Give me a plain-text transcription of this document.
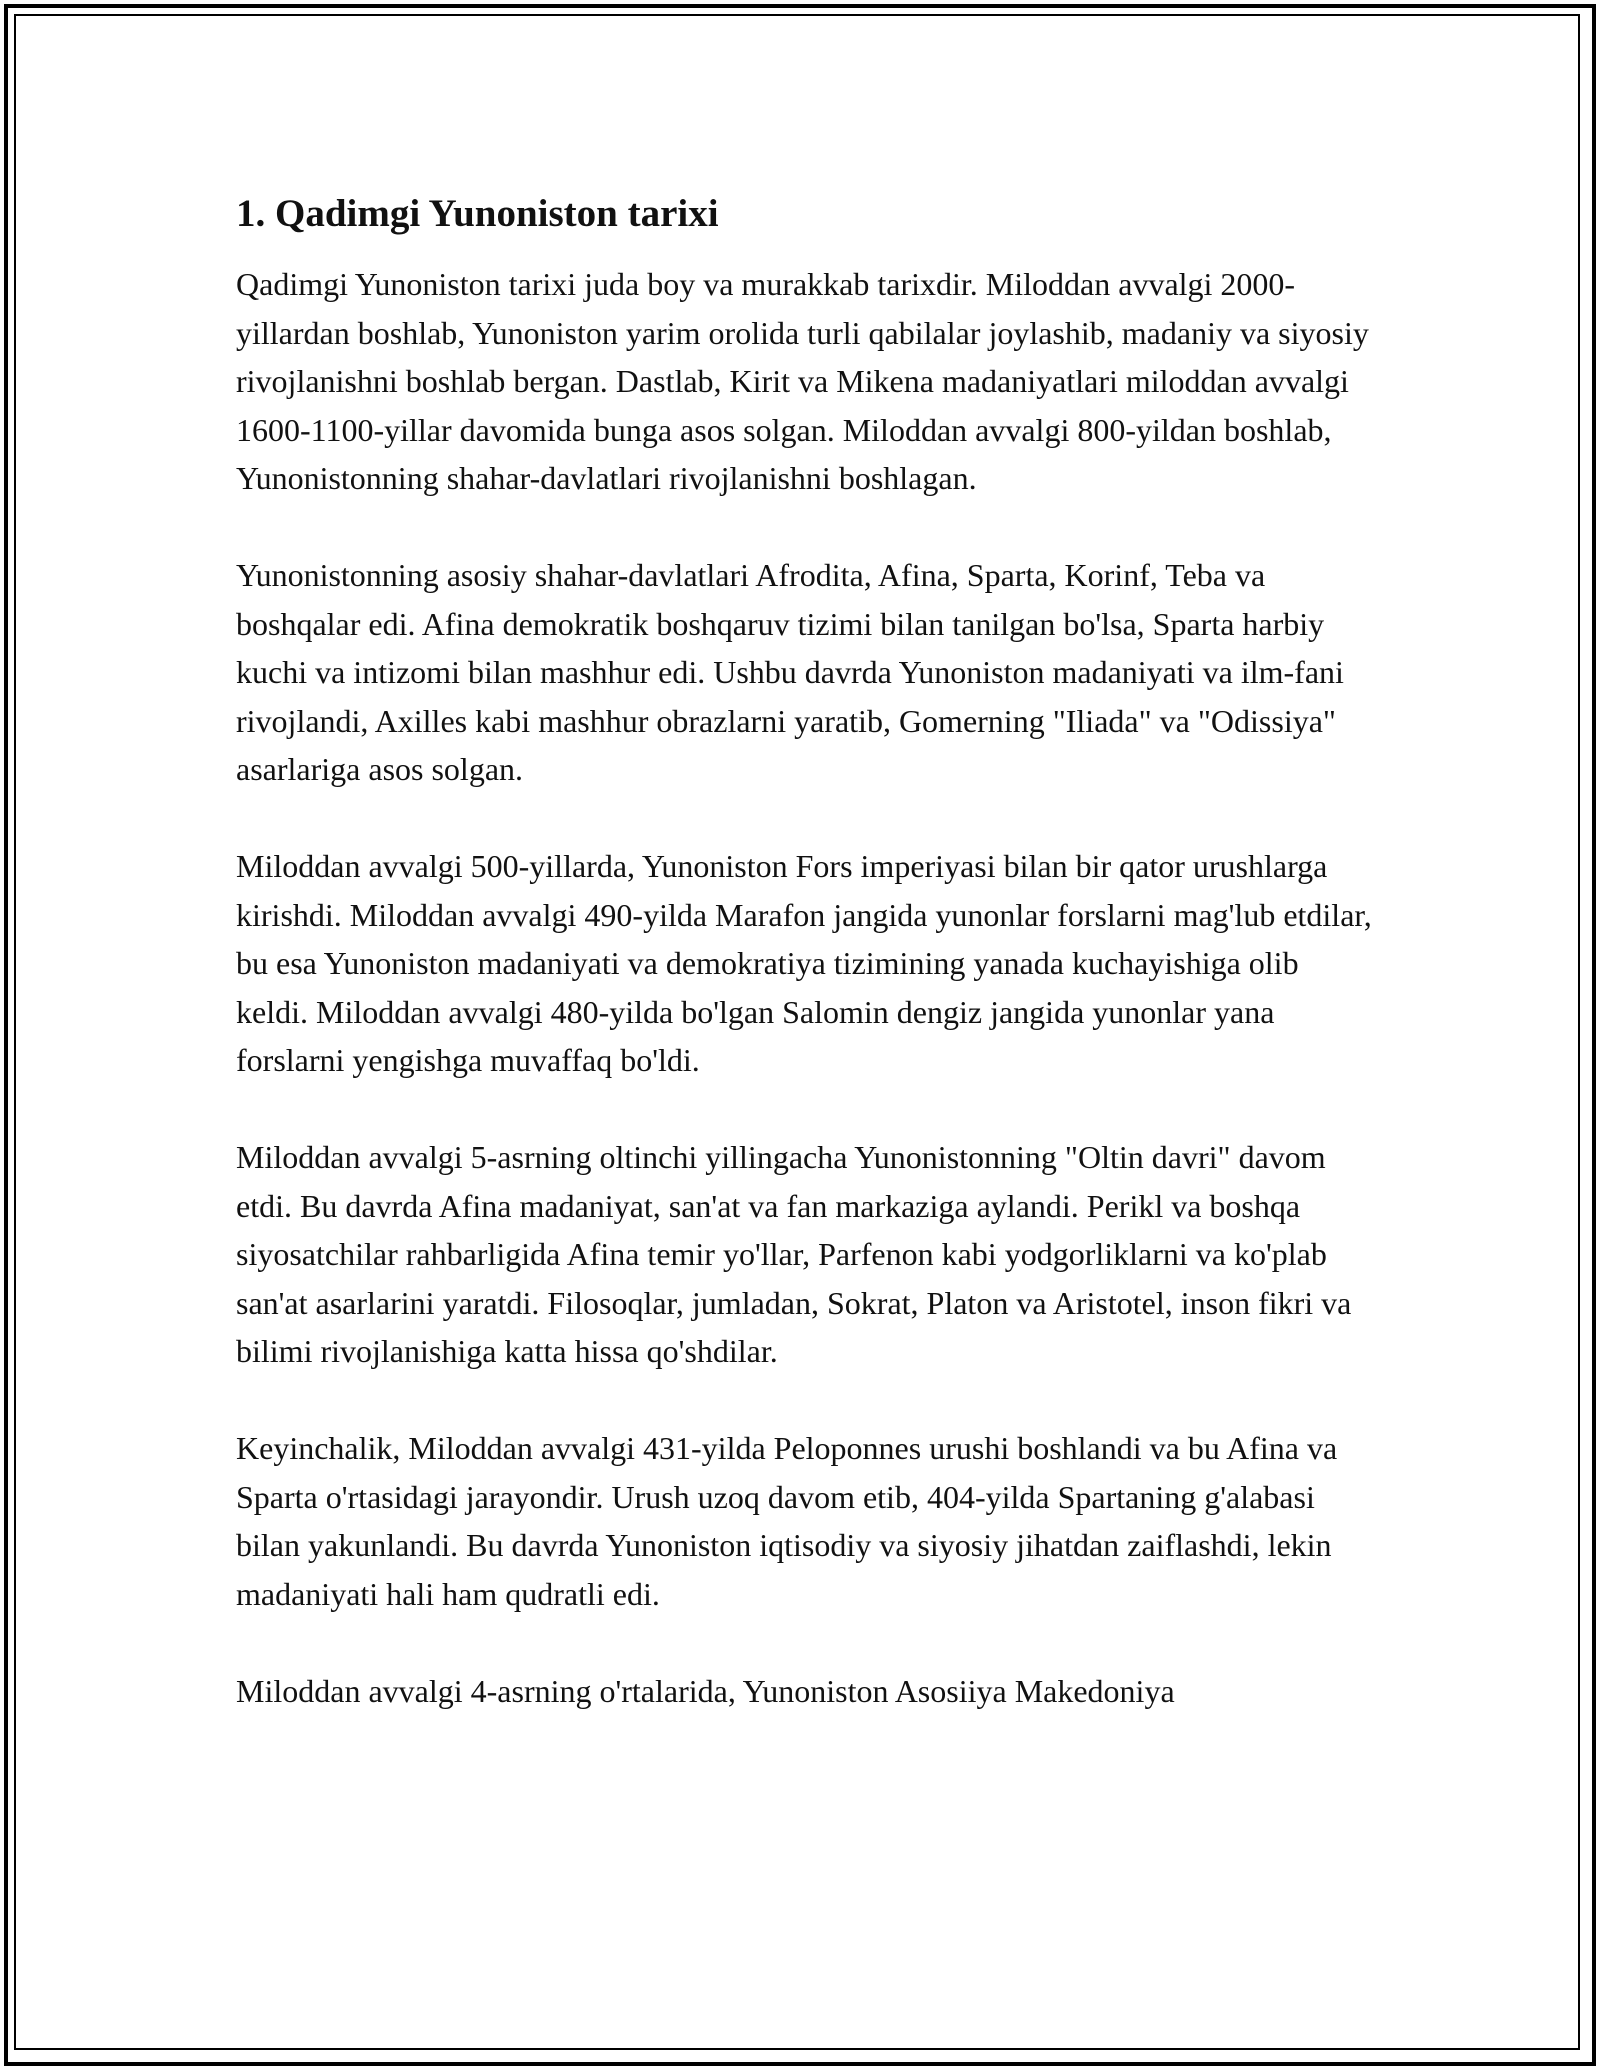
1. Qadimgi Yunoniston tarixi

Qadimgi Yunoniston tarixi juda boy va murakkab tarixdir. Miloddan avvalgi 2000-yillardan boshlab, Yunoniston yarim orolida turli qabilalar joylashib, madaniy va siyosiy rivojlanishni boshlab bergan. Dastlab, Kirit va Mikena madaniyatlari miloddan avvalgi 1600-1100-yillar davomida bunga asos solgan. Miloddan avvalgi 800-yildan boshlab, Yunonistonning shahar-davlatlari rivojlanishni boshlagan.

Yunonistonning asosiy shahar-davlatlari Afrodita, Afina, Sparta, Korinf, Teba va boshqalar edi. Afina demokratik boshqaruv tizimi bilan tanilgan bo'lsa, Sparta harbiy kuchi va intizomi bilan mashhur edi. Ushbu davrda Yunoniston madaniyati va ilm-fani rivojlandi, Axilles kabi mashhur obrazlarni yaratib, Gomerning "Iliada" va "Odissiya" asarlariga asos solgan.

Miloddan avvalgi 500-yillarda, Yunoniston Fors imperiyasi bilan bir qator urushlarga kirishdi. Miloddan avvalgi 490-yilda Marafon jangida yunonlar forslarni mag'lub etdilar, bu esa Yunoniston madaniyati va demokratiya tizimining yanada kuchayishiga olib keldi. Miloddan avvalgi 480-yilda bo'lgan Salomin dengiz jangida yunonlar yana forslarni yengishga muvaffaq bo'ldi.

Miloddan avvalgi 5-asrning oltinchi yillingacha Yunonistonning "Oltin davri" davom etdi. Bu davrda Afina madaniyat, san'at va fan markaziga aylandi. Perikl va boshqa siyosatchilar rahbarligida Afina temir yo'llar, Parfenon kabi yodgorliklarni va ko'plab san'at asarlarini yaratdi. Filosoqlar, jumladan, Sokrat, Platon va Aristotel, inson fikri va bilimi rivojlanishiga katta hissa qo'shdilar.

Keyinchalik, Miloddan avvalgi 431-yilda Peloponnes urushi boshlandi va bu Afina va Sparta o'rtasidagi jarayondir. Urush uzoq davom etib, 404-yilda Spartaning g'alabasi bilan yakunlandi. Bu davrda Yunoniston iqtisodiy va siyosiy jihatdan zaiflashdi, lekin madaniyati hali ham qudratli edi.

Miloddan avvalgi 4-asrning o'rtalarida, Yunoniston Asosiiya Makedoniya
